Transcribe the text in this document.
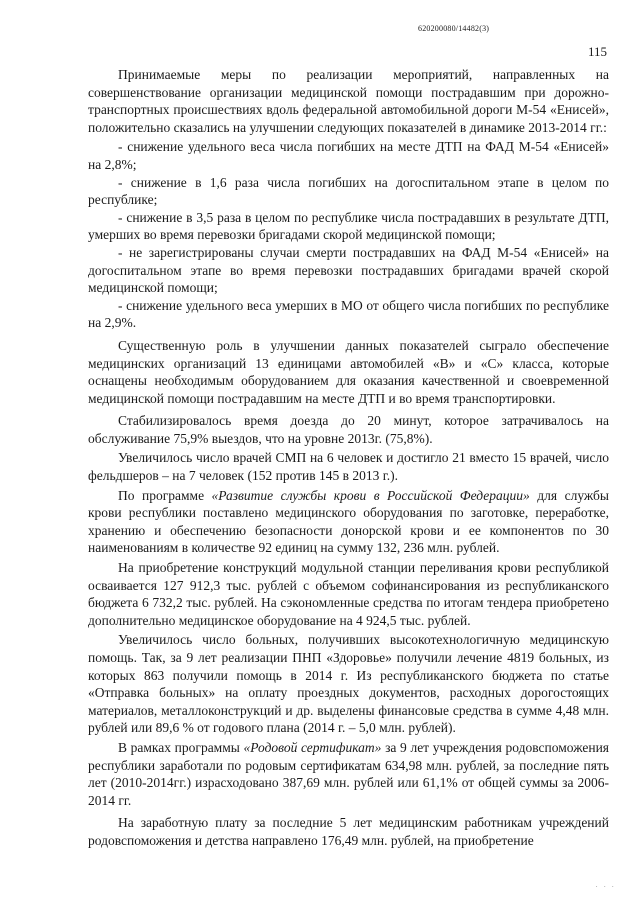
620200080/14482(3)
115

Принимаемые меры по реализации мероприятий, направленных на совершенствование организации медицинской помощи пострадавшим при дорожно-транспортных происшествиях вдоль федеральной автомобильной дороги М-54 «Енисей», положительно сказались на улучшении следующих показателей в динамике 2013-2014 гг.:

- снижение удельного веса числа погибших на месте ДТП на ФАД М-54 «Енисей» на 2,8%;

- снижение в 1,6 раза числа погибших на догоспитальном этапе в целом по республике;

- снижение в 3,5 раза в целом по республике числа пострадавших в результате ДТП, умерших во время перевозки бригадами скорой медицинской помощи;

- не зарегистрированы случаи смерти пострадавших на ФАД М-54 «Енисей» на догоспитальном этапе во время перевозки пострадавших бригадами врачей скорой медицинской помощи;

- снижение удельного веса умерших в МО от общего числа погибших по республике на 2,9%.

Существенную роль в улучшении данных показателей сыграло обеспечение медицинских организаций 13 единицами автомобилей «В» и «С» класса, которые оснащены необходимым оборудованием для оказания качественной и своевременной медицинской помощи пострадавшим на месте ДТП и во время транспортировки.

Стабилизировалось время доезда до 20 минут, которое затрачивалось на обслуживание 75,9% выездов, что на уровне 2013г. (75,8%).

Увеличилось число врачей СМП на 6 человек и достигло 21 вместо 15 врачей, число фельдшеров – на 7 человек (152 против 145 в 2013 г.).

По программе «Развитие службы крови в Российской Федерации» для службы крови республики поставлено медицинского оборудования по заготовке, переработке, хранению и обеспечению безопасности донорской крови и ее компонентов по 30 наименованиям в количестве 92 единиц на сумму 132, 236 млн. рублей.

На приобретение конструкций модульной станции переливания крови республикой осваивается 127 912,3 тыс. рублей с объемом софинансирования из республиканского бюджета 6 732,2 тыс. рублей. На сэкономленные средства по итогам тендера приобретено дополнительно медицинское оборудование на 4 924,5 тыс. рублей.

Увеличилось число больных, получивших высокотехнологичную медицинскую помощь. Так, за 9 лет реализации ПНП «Здоровье» получили лечение 4819 больных, из которых 863 получили помощь в 2014 г. Из республиканского бюджета по статье «Отправка больных» на оплату проездных документов, расходных дорогостоящих материалов, металлоконструкций и др. выделены финансовые средства в сумме 4,48 млн. рублей или 89,6 % от годового плана (2014 г. – 5,0 млн. рублей).

В рамках программы «Родовой сертификат» за 9 лет учреждения родовспоможения республики заработали по родовым сертификатам 634,98 млн. рублей, за последние пять лет (2010-2014гг.) израсходовано 387,69 млн. рублей или 61,1% от общей суммы за 2006-2014 гг.

На заработную плату за последние 5 лет медицинским работникам учреждений родовспоможения и детства направлено 176,49 млн. рублей, на приобретение

· · ·
